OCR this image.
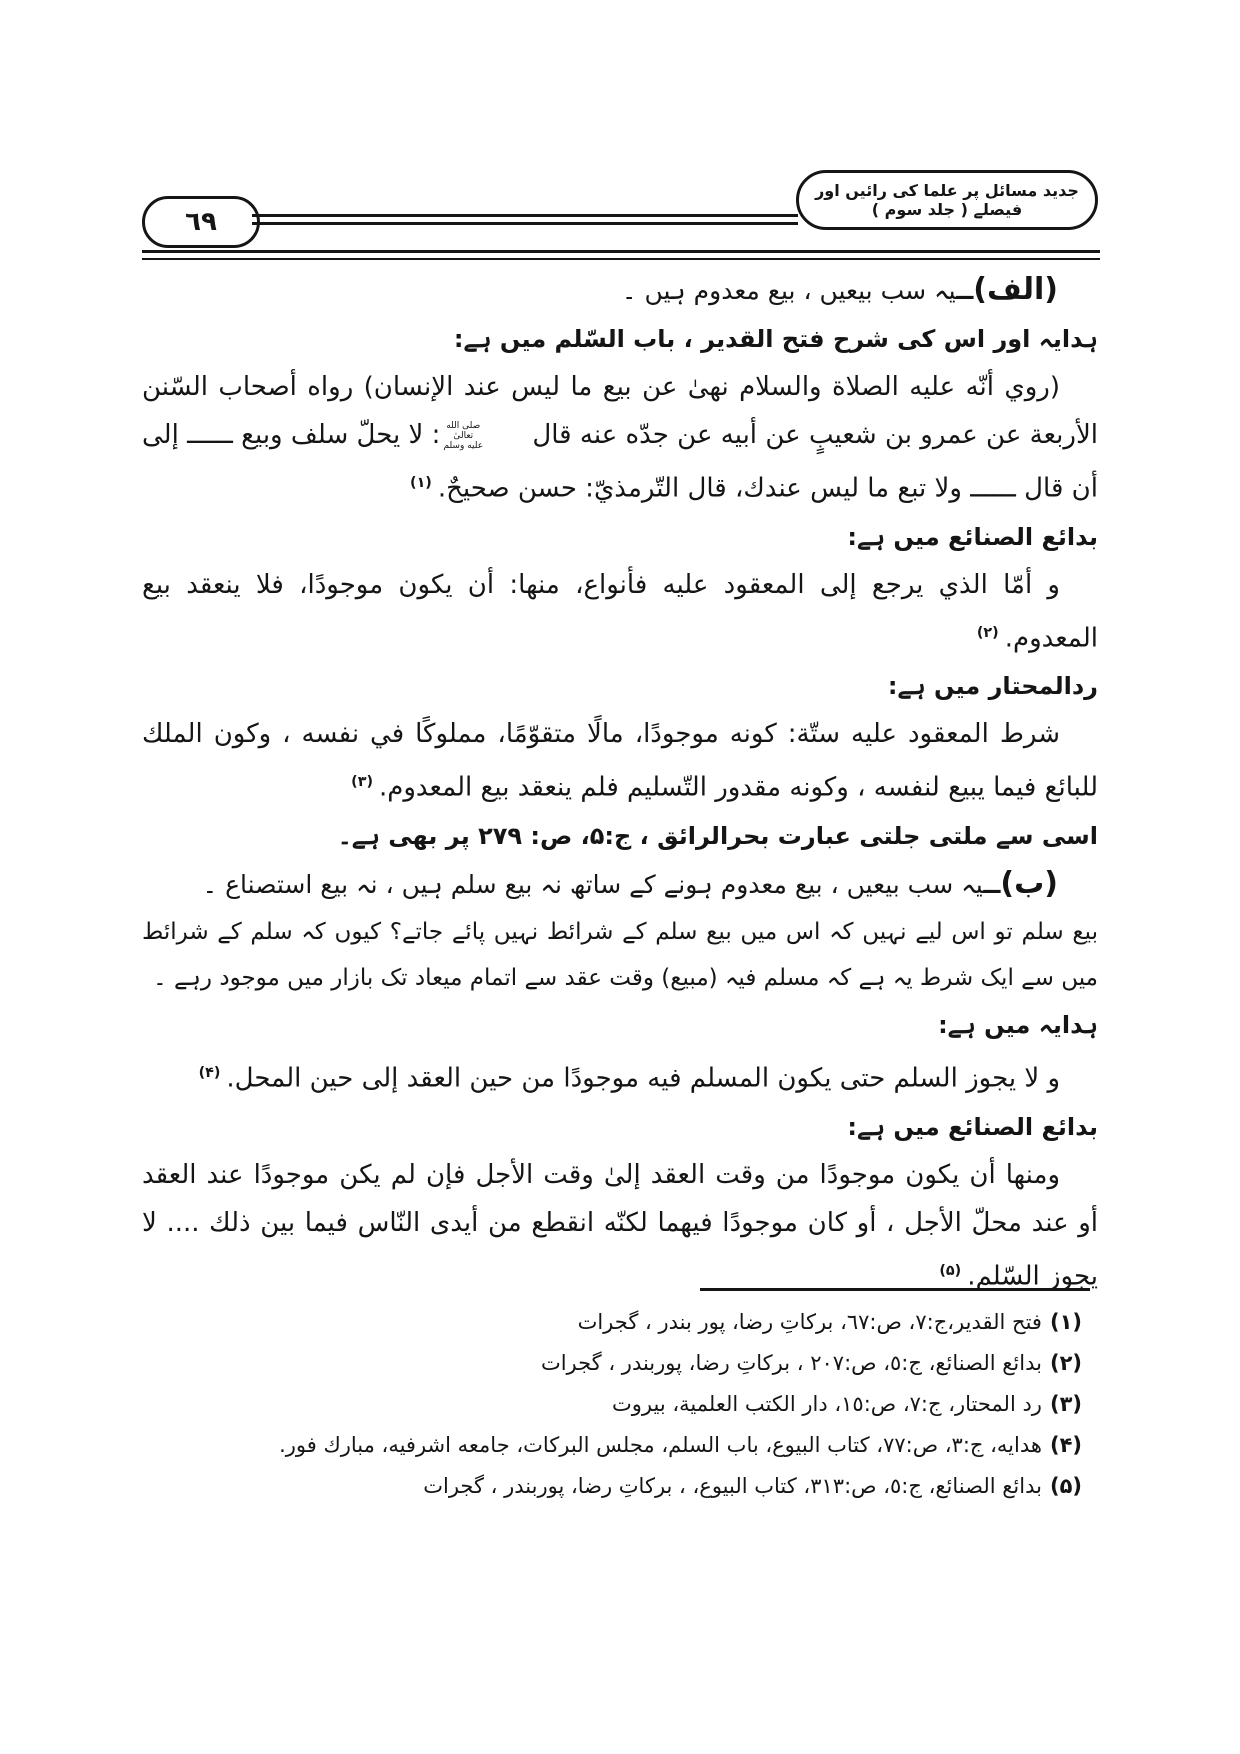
٦٩
جدید مسائل پر علما کی رائیں اور فیصلے ( جلد سوم )

(الف)ــیہ سب بیعیں ، بیع معدوم ہیں ۔

ہدایہ اور اس کی شرح فتح القدیر ، باب السّلم میں ہے:

(روي أنّه عليه الصلاة والسلام نهىٰ عن بيع ما ليس عند الإنسان) رواه أصحاب السّنن الأربعة عن عمرو بن شعيبٍ عن أبيه عن جدّه عنه قال
صلى الله
تعالىٰ
عليه وسلم
: لا يحلّ سلف وبيع ــــــ إلى أن قال ــــــ ولا تبع ما ليس عندك، قال التّرمذيّ: حسن صحيحٌ.$^{(۱)}$

بدائع الصنائع میں ہے:

و أمّا الذي يرجع إلى المعقود عليه فأنواع، منها: أن يكون موجودًا، فلا ينعقد بيع المعدوم.$^{(۲)}$

ردالمحتار میں ہے:

شرط المعقود عليه ستّة: كونه موجودًا، مالًا متقوّمًا، مملوكًا في نفسه ، وكون الملك للبائع فيما يبيع لنفسه ، وكونه مقدور التّسليم فلم ينعقد بيع المعدوم.$^{(۳)}$

اسی سے ملتی جلتی عبارت بحرالرائق ، ج:۵، ص: ۲۷۹ پر بھی ہے۔

(ب)ــیہ سب بیعیں ، بیع معدوم ہونے کے ساتھ نہ بیع سلم ہیں ، نہ بیع استصناع ۔

بیع سلم تو اس لیے نہیں کہ اس میں بیع سلم کے شرائط نہیں پائے جاتے؟ کیوں کہ سلم کے شرائط میں سے ایک شرط یہ ہے کہ مسلم فیہ (مبیع) وقت عقد سے اتمام میعاد تک بازار میں موجود رہے ۔

ہدایہ میں ہے:

و لا يجوز السلم حتى يكون المسلم فيه موجودًا من حين العقد إلى حين المحل.$^{(۴)}$

بدائع الصنائع میں ہے:

ومنها أن يكون موجودًا من وقت العقد إلىٰ وقت الأجل فإن لم يكن موجودًا عند العقد أو عند محلّ الأجل ، أو كان موجودًا فيهما لكنّه انقطع من أيدى النّاس فيما بين ذلك .... لا يجوز السّلم.$^{(۵)}$

(١)فتح القدير،ج:٧، ص:٦٧، بركاتِ رضا، پور بندر ، گجرات

(٢)بدائع الصنائع، ج:٥، ص:٢٠٧ ، بركاتِ رضا، پوربندر ، گجرات

(٣)رد المحتار، ج:٧، ص:١٥، دار الكتب العلمية، بيروت

(۴)هدايه، ج:٣، ص:٧٧، كتاب البيوع، باب السلم، مجلس البركات، جامعه اشرفيه، مبارك فور.

(۵)بدائع الصنائع، ج:٥، ص:٣١٣، كتاب البيوع، ، بركاتِ رضا، پوربندر ، گجرات
